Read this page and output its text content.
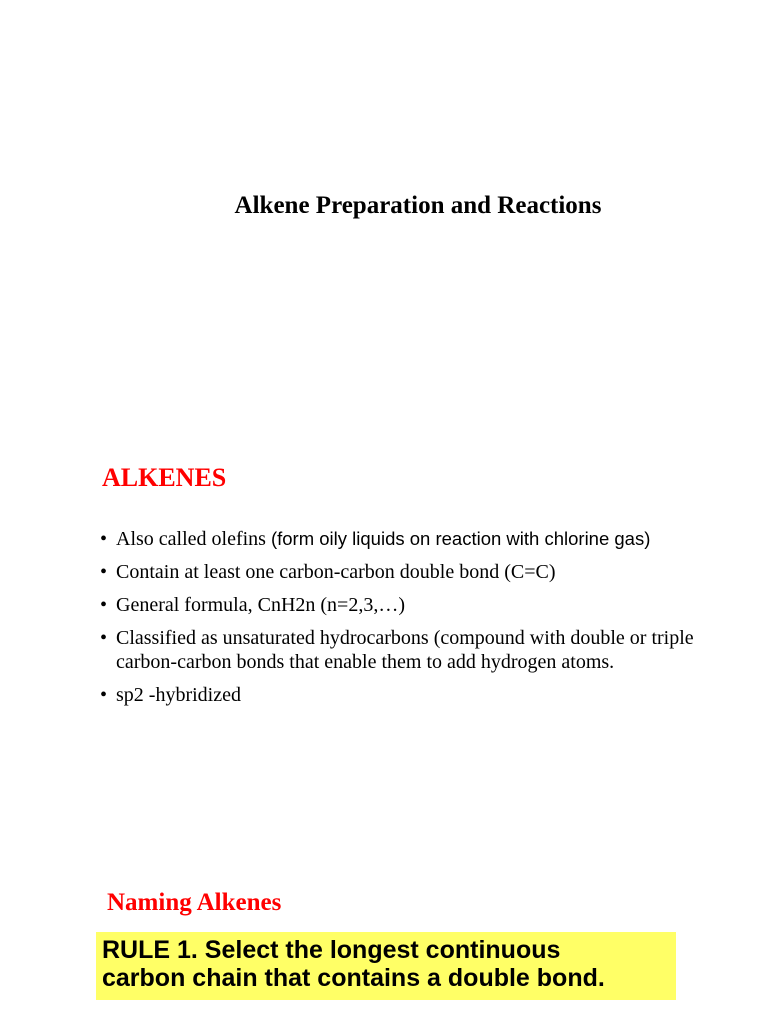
Alkene Preparation and Reactions
ALKENES
• Also called olefins (form oily liquids on reaction with chlorine gas)
• Contain at least one carbon-carbon double bond (C=C)
• General formula, CnH2n (n=2,3,…)
• Classified as unsaturated hydrocarbons (compound with double or triple carbon-carbon bonds that enable them to add hydrogen atoms.
• sp2 -hybridized
Naming Alkenes
RULE 1. Select the longest continuous
carbon chain that contains a double bond.
